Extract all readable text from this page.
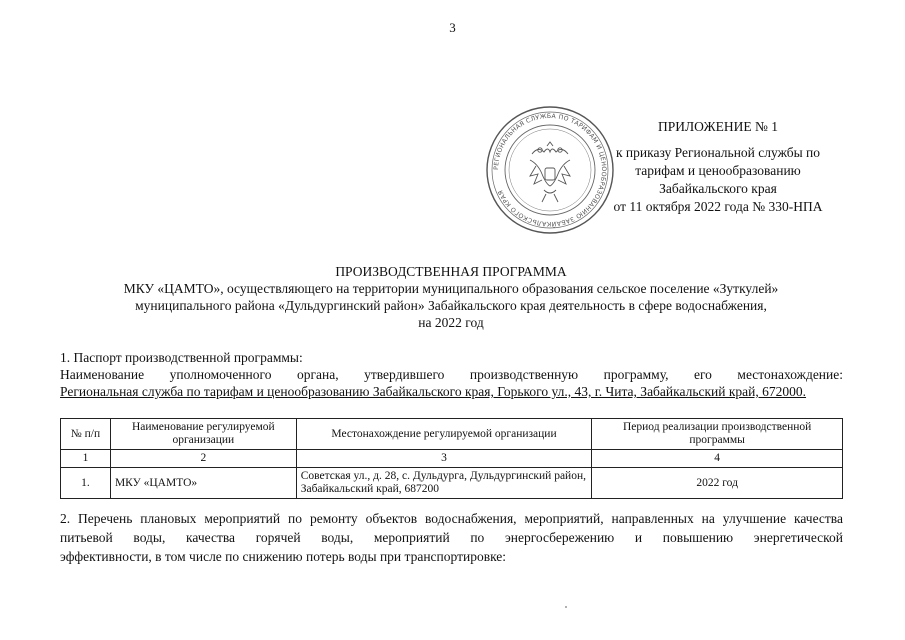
3
РЕГИОНАЛЬНАЯ СЛУЖБА ПО ТАРИФАМ И ЦЕНООБРАЗОВАНИЮ ЗАБАЙКАЛЬСКОГО КРАЯ
ПРИЛОЖЕНИЕ № 1
к приказу Региональной службы по
тарифам и ценообразованию
Забайкальского края
от 11 октября 2022 года № 330-НПА
ПРОИЗВОДСТВЕННАЯ ПРОГРАММА
МКУ «ЦАМТО», осуществляющего на территории муниципального образования сельское поселение «Зуткулей»
муниципального района «Дульдургинский район» Забайкальского края деятельность в сфере водоснабжения,
на 2022 год
1. Паспорт производственной программы:
Наименование уполномоченного органа, утвердившего производственную программу, его местонахождение:
Региональная служба по тарифам и ценообразованию Забайкальского края, Горького ул., 43, г. Чита, Забайкальский край, 672000.
№ п/п	Наименование регулируемой организации	Местонахождение регулируемой организации	Период реализации производственной программы
1	2	3	4
1.	МКУ «ЦАМТО»	Советская ул., д. 28, с. Дульдурга, Дульдургинский район, Забайкальский край, 687200	2022 год
2. Перечень плановых мероприятий по ремонту объектов водоснабжения, мероприятий, направленных на улучшение качества питьевой воды, качества горячей воды, мероприятий по энергосбережению и повышению энергетической
эффективности, в том числе по снижению потерь воды при транспортировке:
